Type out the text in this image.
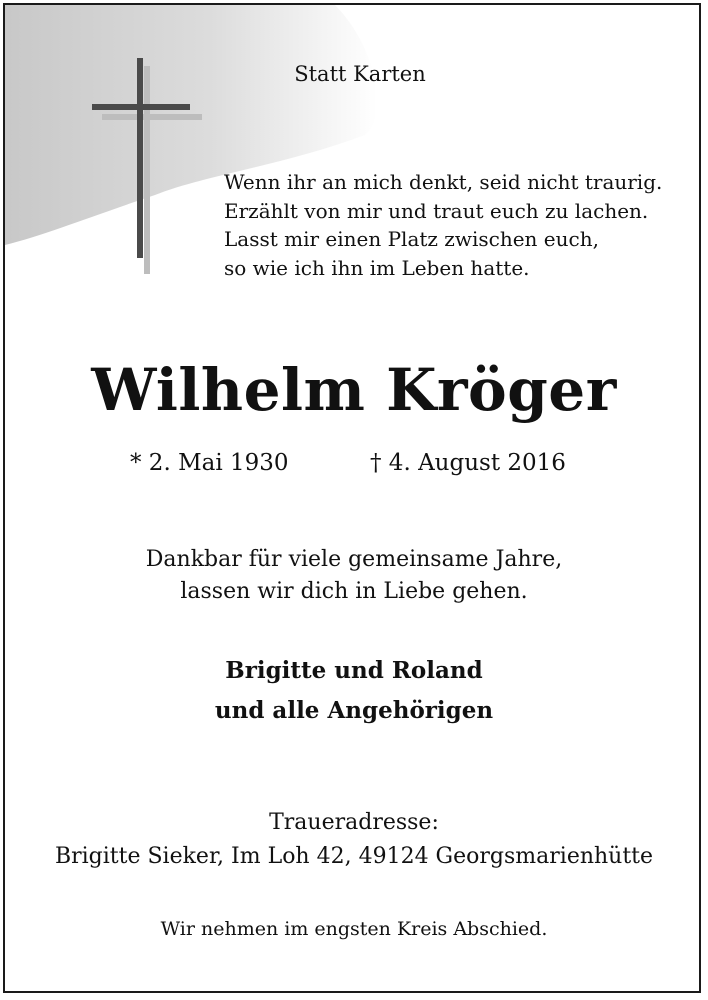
Statt Karten
Wenn ihr an mich denkt, seid nicht traurig.
Erzählt von mir und traut euch zu lachen.
Lasst mir einen Platz zwischen euch,
so wie ich ihn im Leben hatte.
Wilhelm Kröger
* 2. Mai 1930	† 4. August 2016
Dankbar für viele gemeinsame Jahre,
lassen wir dich in Liebe gehen.
Brigitte und Roland
und alle Angehörigen
Traueradresse:
Brigitte Sieker, Im Loh 42, 49124 Georgsmarienhütte
Wir nehmen im engsten Kreis Abschied.
